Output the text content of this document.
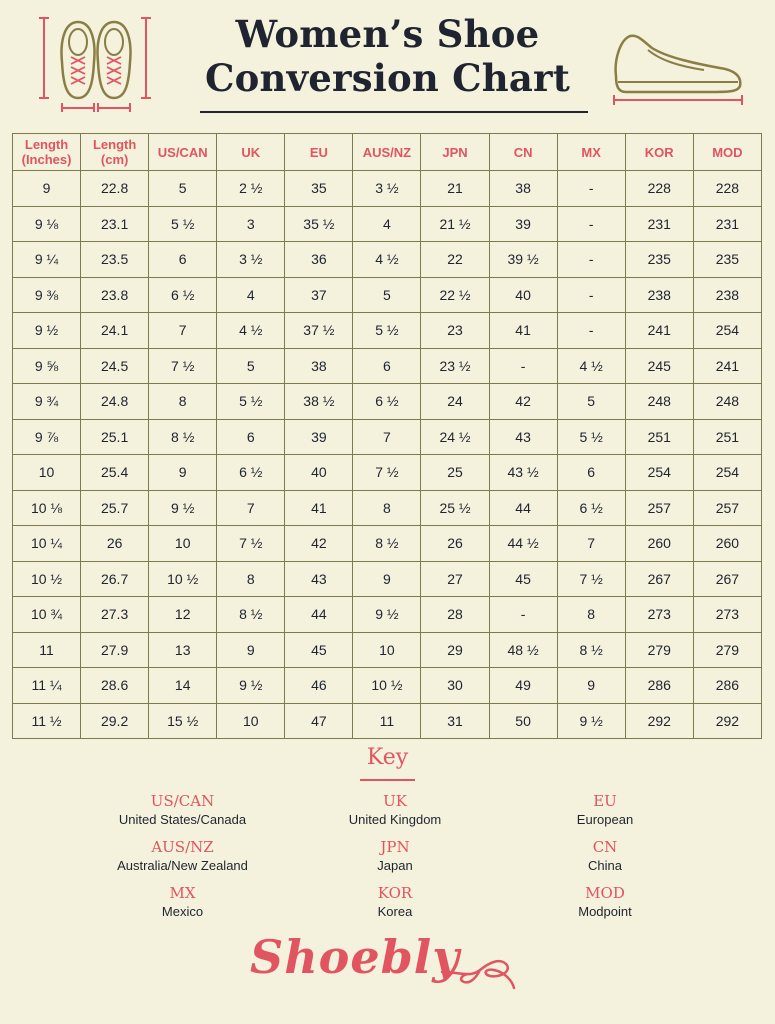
Women’s Shoe
Conversion Chart
Length
(Inches)	Length
(cm)	US/CAN	UK	EU	AUS/NZ	JPN	CN	MX	KOR	MOD
9	22.8	5	2 ½	35	3 ½	21	38	-	228	228
9 ⅛	23.1	5 ½	3	35 ½	4	21 ½	39	-	231	231
9 ¼	23.5	6	3 ½	36	4 ½	22	39 ½	-	235	235
9 ⅜	23.8	6 ½	4	37	5	22 ½	40	-	238	238
9 ½	24.1	7	4 ½	37 ½	5 ½	23	41	-	241	254
9 ⅝	24.5	7 ½	5	38	6	23 ½	-	4 ½	245	241
9 ¾	24.8	8	5 ½	38 ½	6 ½	24	42	5	248	248
9 ⅞	25.1	8 ½	6	39	7	24 ½	43	5 ½	251	251
10	25.4	9	6 ½	40	7 ½	25	43 ½	6	254	254
10 ⅛	25.7	9 ½	7	41	8	25 ½	44	6 ½	257	257
10 ¼	26	10	7 ½	42	8 ½	26	44 ½	7	260	260
10 ½	26.7	10 ½	8	43	9	27	45	7 ½	267	267
10 ¾	27.3	12	8 ½	44	9 ½	28	-	8	273	273
11	27.9	13	9	45	10	29	48 ½	8 ½	279	279
11 ¼	28.6	14	9 ½	46	10 ½	30	49	9	286	286
11 ½	29.2	15 ½	10	47	11	31	50	9 ½	292	292
Key
US/CAN
United States/Canada
UK
United Kingdom
EU
European
AUS/NZ
Australia/New Zealand
JPN
Japan
CN
China
MX
Mexico
KOR
Korea
MOD
Modpoint
Shoebly
